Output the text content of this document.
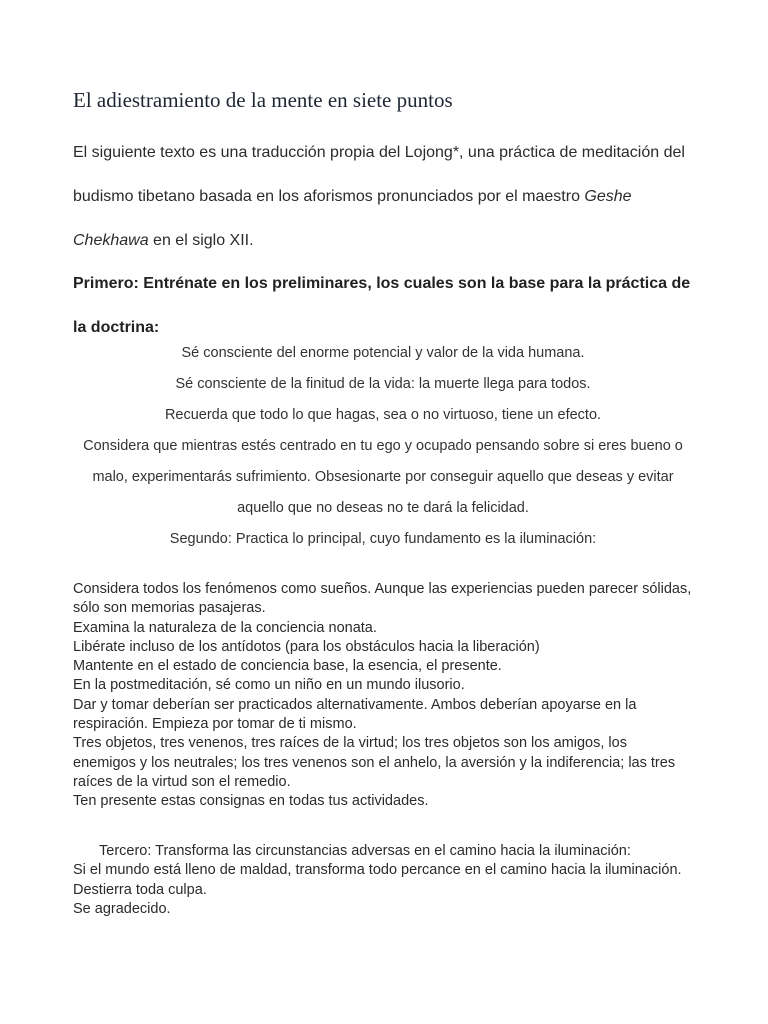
El adiestramiento de la mente en siete puntos

El siguiente texto es una traducción propia del Lojong*, una práctica de meditación del budismo tibetano basada en los aforismos pronunciados por el maestro Geshe Chekhawa en el siglo XII.

Primero: Entrénate en los preliminares, los cuales son la base para la práctica de la doctrina:

Sé consciente del enorme potencial y valor de la vida humana.

Sé consciente de la finitud de la vida: la muerte llega para todos.

Recuerda que todo lo que hagas, sea o no virtuoso, tiene un efecto.

Considera que mientras estés centrado en tu ego y ocupado pensando sobre si eres bueno o malo, experimentarás sufrimiento. Obsesionarte por conseguir aquello que deseas y evitar aquello que no deseas no te dará la felicidad.

Segundo: Practica lo principal, cuyo fundamento es la iluminación:

Considera todos los fenómenos como sueños. Aunque las experiencias pueden parecer sólidas, sólo son memorias pasajeras.

Examina la naturaleza de la conciencia nonata.

Libérate incluso de los antídotos (para los obstáculos hacia la liberación)

Mantente en el estado de conciencia base, la esencia, el presente.

En la postmeditación, sé como un niño en un mundo ilusorio.

Dar y tomar deberían ser practicados alternativamente. Ambos deberían apoyarse en la respiración. Empieza por tomar de ti mismo.

Tres objetos, tres venenos, tres raíces de la virtud; los tres objetos son los amigos, los enemigos y los neutrales; los tres venenos son el anhelo, la aversión y la indiferencia; las tres raíces de la virtud son el remedio.

Ten presente estas consignas en todas tus actividades.

Tercero: Transforma las circunstancias adversas en el camino hacia la iluminación:

Si el mundo está lleno de maldad, transforma todo percance en el camino hacia la iluminación.

Destierra toda culpa.

Se agradecido.
